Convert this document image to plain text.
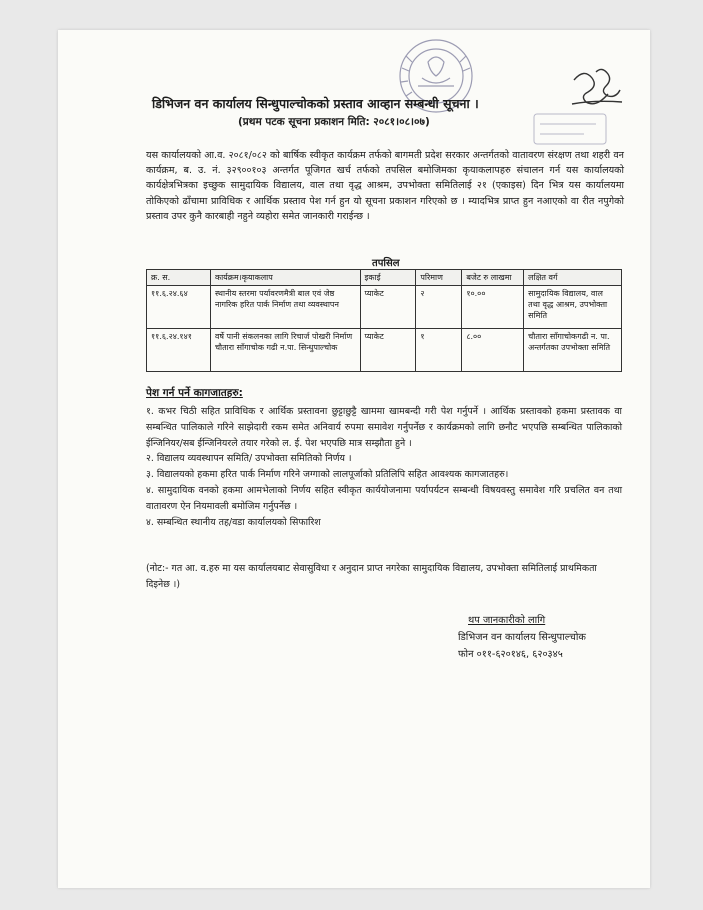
डिभिजन वन कार्यालय सिन्धुपाल्चोकको प्रस्ताव आव्हान सम्बन्धी सूचना ।
(प्रथम पटक सूचना प्रकाशन मिति: २०८१।०८।०७)
यस कार्यालयको आ.व. २०८१/०८२ को बार्षिक स्वीकृत कार्यक्रम तर्फको बागमती प्रदेश सरकार अन्तर्गतको वातावरण संरक्षण तथा शहरी वन कार्यक्रम, ब. उ. नं. ३२९००१०३ अन्तर्गत पूजिगत खर्च तर्फको तपसिल बमोजिमका कृयाकलापहरु संचालन गर्न यस कार्यालयको कार्यक्षेत्रभित्रका इच्छुक सामुदायिक विद्यालय, वाल तथा वृद्ध आश्रम, उपभोक्ता समितिलाई २१ (एकाइस) दिन भित्र यस कार्यालयमा तोकिएको ढाँचामा प्राविधिक र आर्थिक प्रस्ताव पेश गर्न हुन यो सूचना प्रकाशन गरिएको छ । म्यादभित्र प्राप्त हुन नआएको वा रीत नपुगेको प्रस्ताव उपर कुनै कारबाही नहुने व्यहोरा समेत जानकारी गराईन्छ ।
तपसिल
क्र. स.	कार्यक्रम।कृयाकलाप	इकाई	परिमाण	बजेट रु लाखमा	लक्षित वर्ग
११.६.२४.६४	स्थानीय स्तरमा पर्यावरणमैत्री बाल एवं जेष्ठ नागरिक हरित पार्क निर्माण तथा व्यवस्थापन	प्याकेट	२	१०.००	सामुदायिक विद्यालय, वाल तथा वृद्ध आश्रम, उपभोक्ता समिति
११.६.२४.१४१	वर्षे पानी संकलनका लागि रिचार्ज पोखरी निर्माण चौतारा साँगाचोक गढी न.पा. सिन्धुपाल्चोक	प्याकेट	१	८.००	चौतारा साँगाचोकगढी न. पा. अन्तर्गतका उपभोक्ता समिति
पेश गर्न पर्ने कागजातहरु:
१. कभर चिठी सहित प्राविधिक र आर्थिक प्रस्तावना छुट्टाछुट्टै खाममा खामबन्दी गरी पेश गर्नुपर्ने । आर्थिक प्रस्तावको हकमा प्रस्तावक वा सम्बन्धित पालिकाले गरिने साझेदारी रकम समेत अनिवार्य रुपमा समावेश गर्नुपर्नेछ र कार्यक्रमको लागि छनौट भएपछि सम्बन्धित पालिकाको ईन्जिनियर/सब ईन्जिनियरले तयार गरेको ल. ई. पेश भएपछि मात्र सम्झौता हुने ।
२. विद्यालय व्यवस्थापन समिति/ उपभोक्ता समितिको निर्णय ।
३. विद्यालयको हकमा हरित पार्क निर्माण गरिने जग्गाको लालपूर्जाको प्रतिलिपि सहित आवश्यक कागजातहरु।
४. सामुदायिक वनको हकमा आमभेलाको निर्णय सहित स्वीकृत कार्ययोजनामा पर्यापर्यटन सम्बन्धी विषयवस्तु समावेश गरि प्रचलित वन तथा वातावरण ऐन नियमावली बमोजिम गर्नुपर्नेछ ।
४. सम्बन्धित स्थानीय तह/वडा कार्यालयको सिफारिश
(नोट:- गत आ. व.हरु मा यस कार्यालयबाट सेवासुविधा र अनुदान प्राप्त नगरेका सामुदायिक विद्यालय, उपभोक्ता समितिलाई प्राथमिकता दिइनेछ ।)
थप जानकारीको लागि
डिभिजन वन कार्यालय सिन्धुपाल्चोक
फोन ०११-६२०१४६, ६२०३४५
